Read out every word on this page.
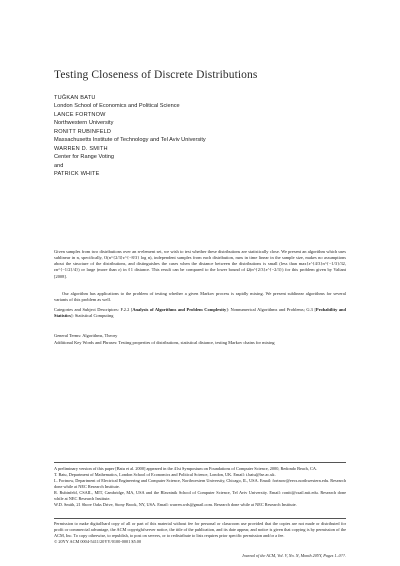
Testing Closeness of Discrete Distributions
TUĞKAN BATU
London School of Economics and Political Science
LANCE FORTNOW
Northwestern University
RONITT RUBINFELD
Massachusetts Institute of Technology and Tel Aviv University
WARREN D. SMITH
Center for Range Voting
and
PATRICK WHITE

Given samples from two distributions over an n-element set, we wish to test whether these distributions are statistically close. We present an algorithm which uses sublinear in n, specifically, O(n^{2/3}ε^{−8/3} log n), independent samples from each distribution, runs in time linear in the sample size, makes no assumptions about the structure of the distributions, and distinguishes the cases when the distance between the distributions is small (less than max{ε^{4/3}n^{−1/3}/32, εn^{−1/2}/4}) or large (more than ε) in ℓ1 distance. This result can be compared to the lower bound of Ω(n^{2/3}ε^{−2/3}) for this problem given by Valiant [2008].

Our algorithm has applications to the problem of testing whether a given Markov process is rapidly mixing. We present sublinear algorithms for several variants of this problem as well.

Categories and Subject Descriptors: F.2.2 [Analysis of Algorithms and Problem Complexity]: Nonnumerical Algorithms and Problems; G.3 [Probability and Statistics]: Statistical Computing

General Terms: Algorithms, Theory

Additional Key Words and Phrases: Testing properties of distributions, statistical distance, testing Markov chains for mixing

A preliminary version of this paper [Batu et al. 2000] appeared in the 41st Symposium on Foundations of Computer Science, 2000, Redondo Beach, CA.

T. Batu, Department of Mathematics, London School of Economics and Political Science, London, UK. Email: t.batu@lse.ac.uk.

L. Fortnow, Department of Electrical Engineering and Computer Science, Northwestern University, Chicago, IL, USA. Email: fortnow@eecs.northwestern.edu. Research done while at NEC Research Institute.

R. Rubinfeld, CSAIL, MIT, Cambridge, MA, USA and the Blavatnik School of Computer Science, Tel Aviv University. Email: ronitt@csail.mit.edu. Research done while at NEC Research Institute.

W.D. Smith, 21 Shore Oaks Drive, Stony Brook, NY, USA. Email: warren.wds@gmail.com. Research done while at NEC Research Institute.

Permission to make digital/hard copy of all or part of this material without fee for personal or classroom use provided that the copies are not made or distributed for profit or commercial advantage, the ACM copyright/server notice, the title of the publication, and its date appear, and notice is given that copying is by permission of the ACM, Inc. To copy otherwise, to republish, to post on servers, or to redistribute to lists requires prior specific permission and/or a fee.

© 20YY ACM 0004-5411/20YY/0100-0001 $5.00

Journal of the ACM, Vol. V, No. N, Month 20YY, Pages 1–0??.
